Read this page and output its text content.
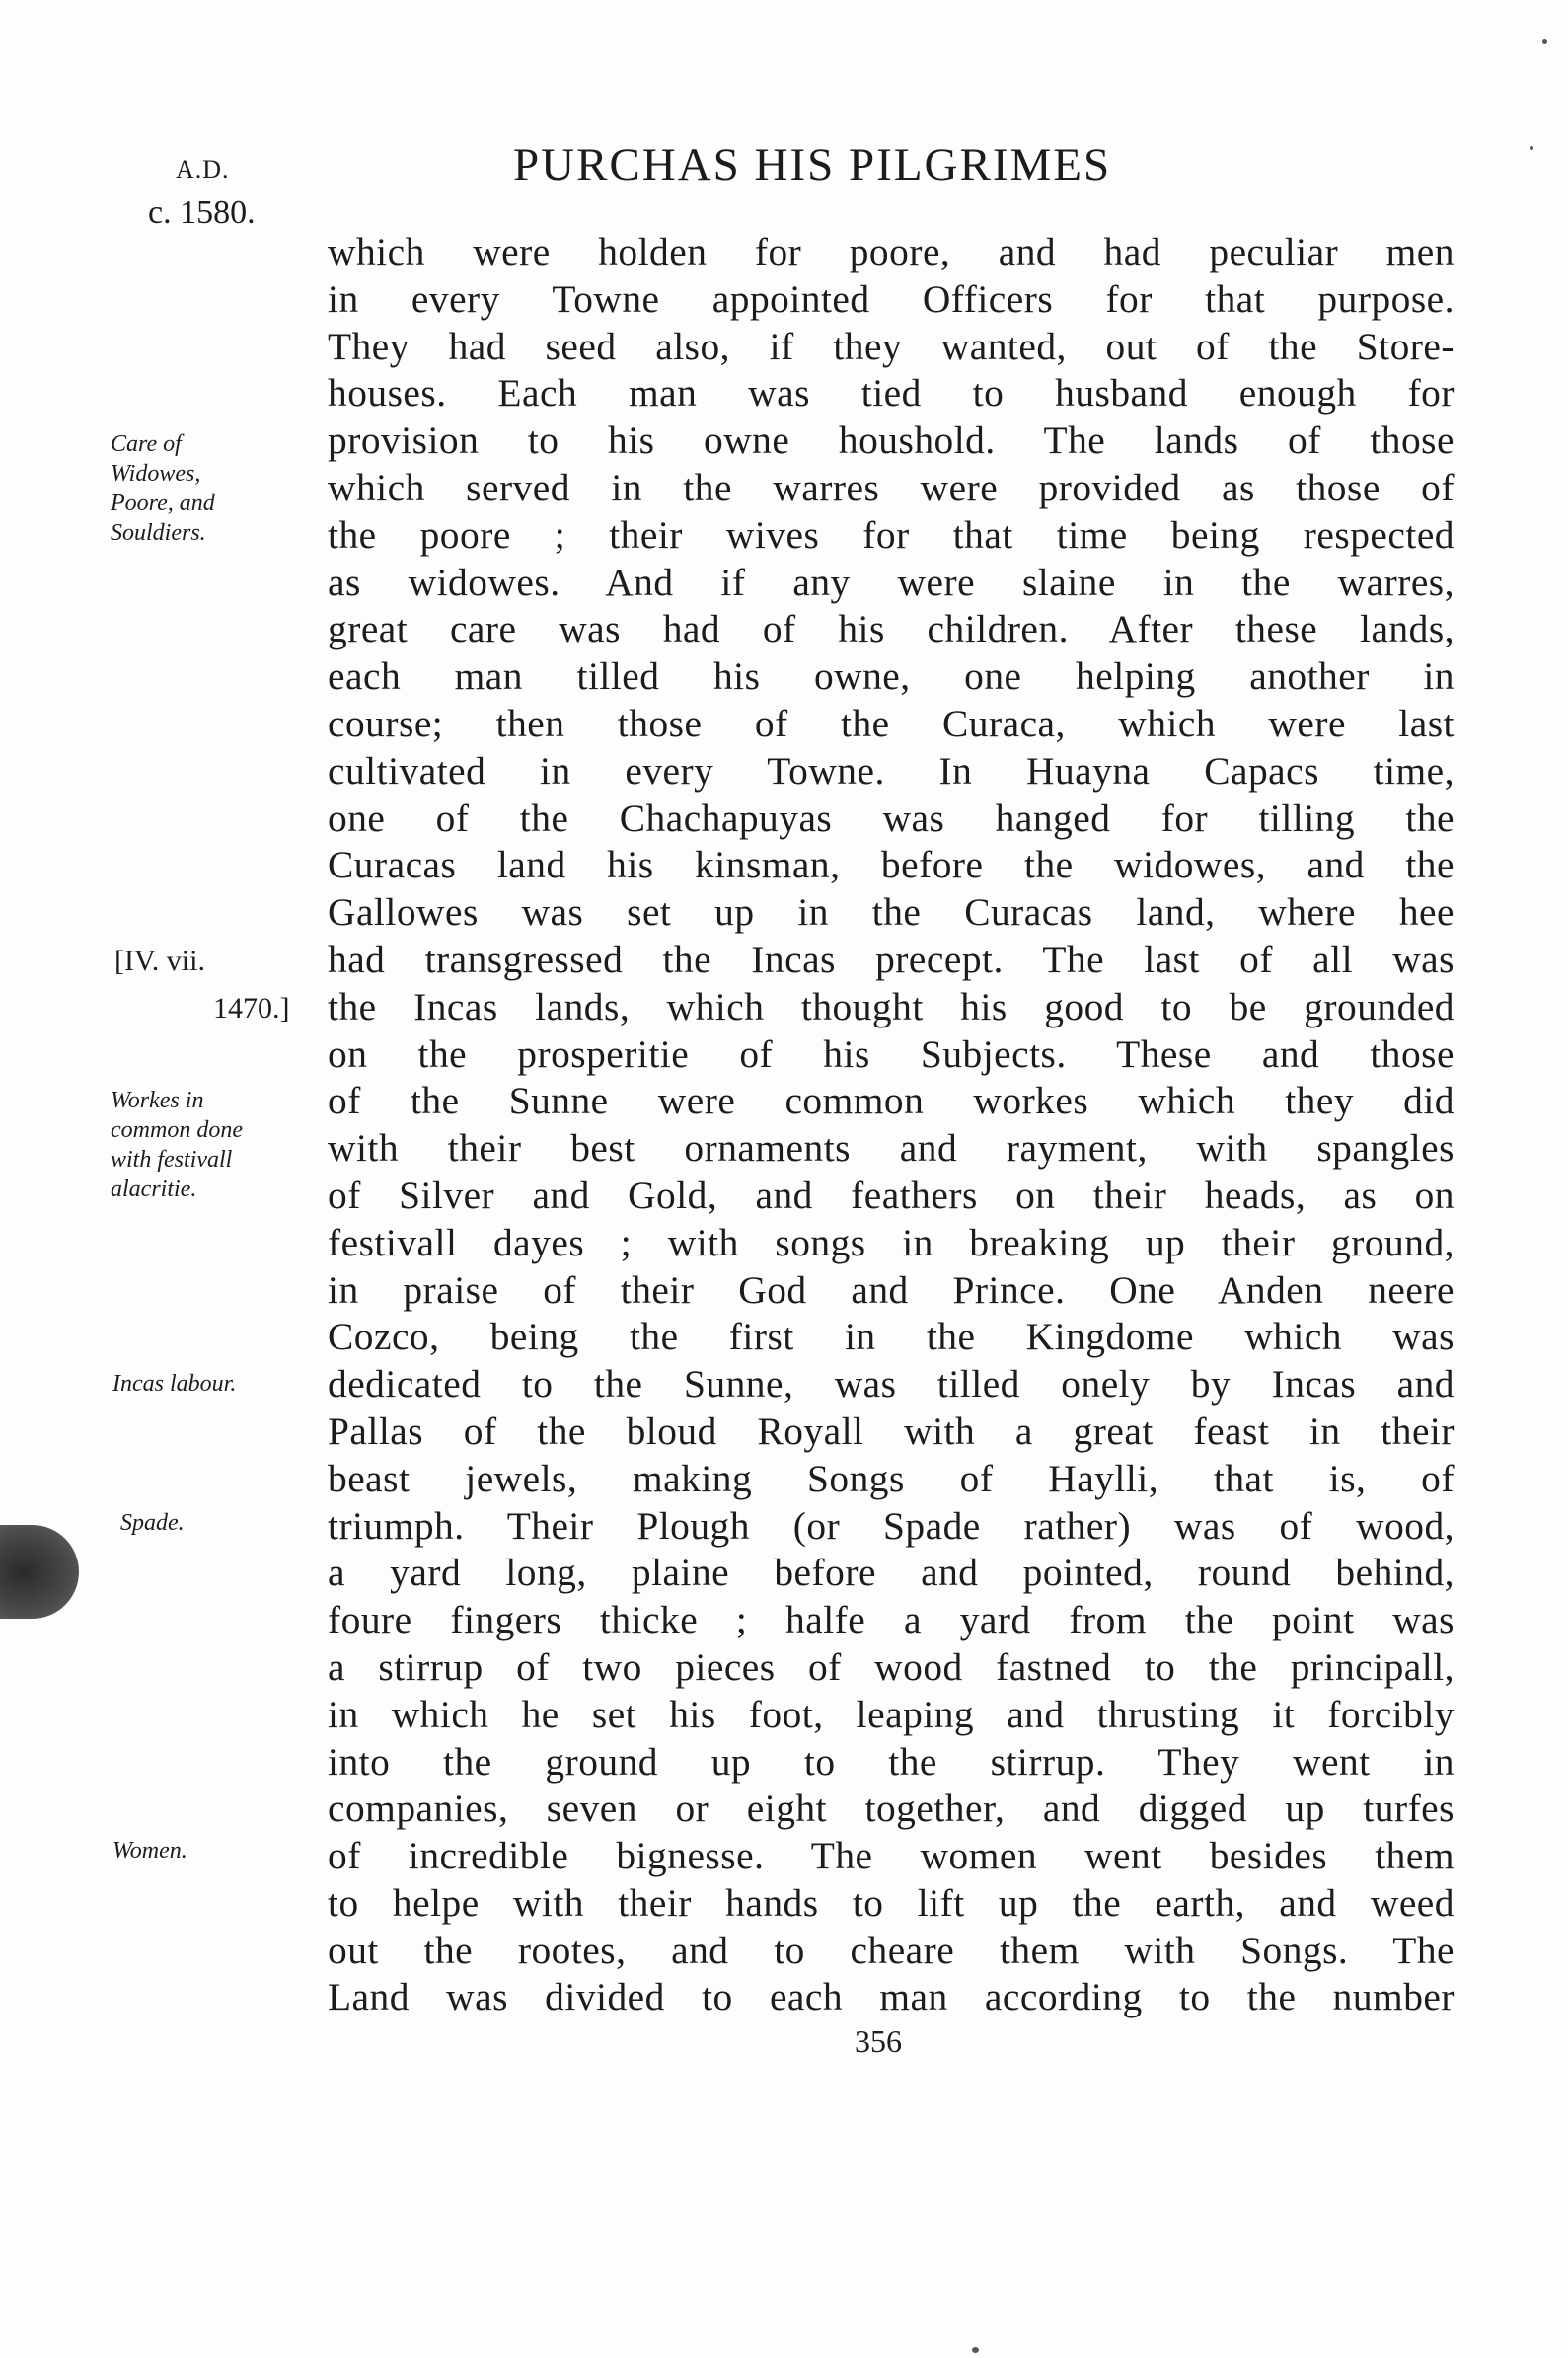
A.D.
c. 1580.
PURCHAS HIS PILGRIMES
which were holden for poore, and had peculiar men
in every Towne appointed Officers for that purpose.
They had seed also, if they wanted, out of the Store-
houses. Each man was tied to husband enough for
provision to his owne houshold. The lands of those
which served in the warres were provided as those of
the poore ; their wives for that time being respected
as widowes. And if any were slaine in the warres,
great care was had of his children. After these lands,
each man tilled his owne, one helping another in
course; then those of the Curaca, which were last
cultivated in every Towne. In Huayna Capacs time,
one of the Chachapuyas was hanged for tilling the
Curacas land his kinsman, before the widowes, and the
Gallowes was set up in the Curacas land, where hee
had transgressed the Incas precept. The last of all was
the Incas lands, which thought his good to be grounded
on the prosperitie of his Subjects. These and those
of the Sunne were common workes which they did
with their best ornaments and rayment, with spangles
of Silver and Gold, and feathers on their heads, as on
festivall dayes ; with songs in breaking up their ground,
in praise of their God and Prince. One Anden neere
Cozco, being the first in the Kingdome which was
dedicated to the Sunne, was tilled onely by Incas and
Pallas of the bloud Royall with a great feast in their
beast jewels, making Songs of Haylli, that is, of
triumph. Their Plough (or Spade rather) was of wood,
a yard long, plaine before and pointed, round behind,
foure fingers thicke ; halfe a yard from the point was
a stirrup of two pieces of wood fastned to the principall,
in which he set his foot, leaping and thrusting it forcibly
into the ground up to the stirrup. They went in
companies, seven or eight together, and digged up turfes
of incredible bignesse. The women went besides them
to helpe with their hands to lift up the earth, and weed
out the rootes, and to cheare them with Songs. The
Land was divided to each man according to the number
Care of
Widowes,
Poore, and
Souldiers.
[IV. vii.
1470.]
Workes in
common done
with festivall
alacritie.
Incas labour.
Spade.
Women.
356
